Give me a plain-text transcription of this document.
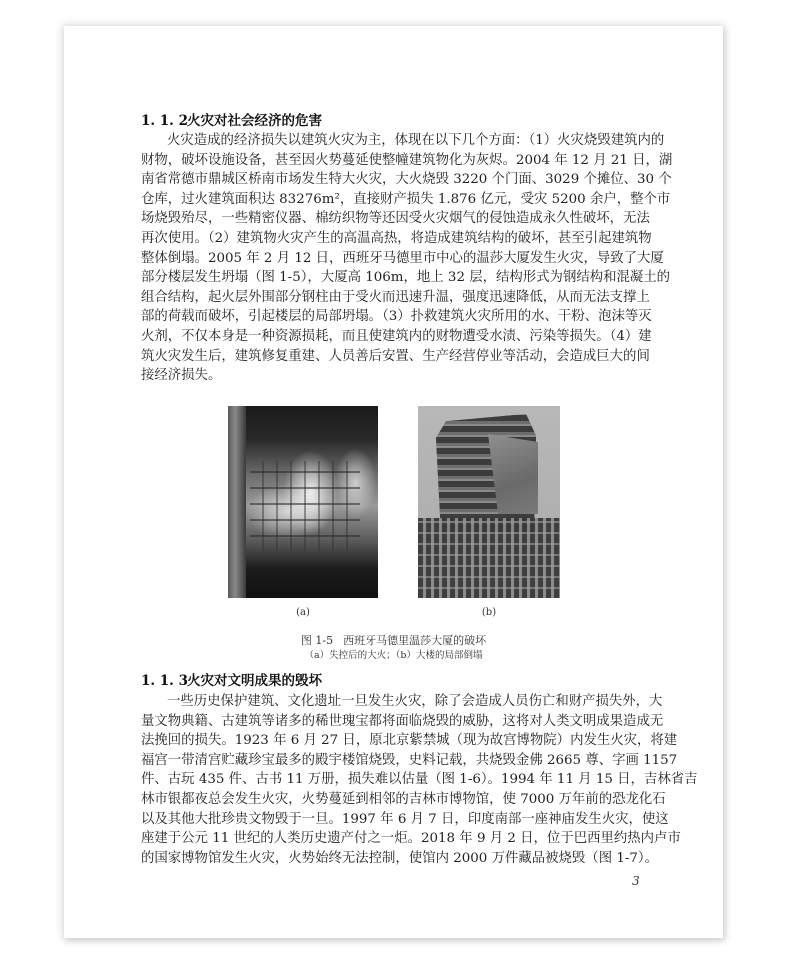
1. 1. 2火灾对社会经济的危害
火灾造成的经济损失以建筑火灾为主，体现在以下几个方面：（1）火灾烧毁建筑内的
财物，破坏设施设备，甚至因火势蔓延使整幢建筑物化为灰烬。2004 年 12 月 21 日，湖
南省常德市鼎城区桥南市场发生特大火灾，大火烧毁 3220 个门面、3029 个摊位、30 个
仓库，过火建筑面积达 83276m²，直接财产损失 1.876 亿元，受灾 5200 余户，整个市
场烧毁殆尽，一些精密仪器、棉纺织物等还因受火灾烟气的侵蚀造成永久性破坏，无法
再次使用。（2）建筑物火灾产生的高温高热，将造成建筑结构的破坏，甚至引起建筑物
整体倒塌。2005 年 2 月 12 日，西班牙马德里市中心的温莎大厦发生火灾，导致了大厦
部分楼层发生坍塌（图 1-5），大厦高 106m，地上 32 层，结构形式为钢结构和混凝土的
组合结构，起火层外围部分钢柱由于受火而迅速升温，强度迅速降低，从而无法支撑上
部的荷载而破坏，引起楼层的局部坍塌。（3）扑救建筑火灾所用的水、干粉、泡沫等灭
火剂，不仅本身是一种资源损耗，而且使建筑内的财物遭受水渍、污染等损失。（4）建
筑火灾发生后，建筑修复重建、人员善后安置、生产经营停业等活动，会造成巨大的间
接经济损失。
(a)	(b)
图 1-5 西班牙马德里温莎大厦的破坏
（a）失控后的大火；（b）大楼的局部倒塌
1. 1. 3火灾对文明成果的毁坏
一些历史保护建筑、文化遗址一旦发生火灾，除了会造成人员伤亡和财产损失外，大
量文物典籍、古建筑等诸多的稀世瑰宝都将面临烧毁的威胁，这将对人类文明成果造成无
法挽回的损失。1923 年 6 月 27 日，原北京紫禁城（现为故宫博物院）内发生火灾，将建
福宫一带清宫贮藏珍宝最多的殿宇楼馆烧毁，史料记载，共烧毁金佛 2665 尊、字画 1157
件、古玩 435 件、古书 11 万册，损失难以估量（图 1-6）。1994 年 11 月 15 日，吉林省吉
林市银都夜总会发生火灾，火势蔓延到相邻的吉林市博物馆，使 7000 万年前的恐龙化石
以及其他大批珍贵文物毁于一旦。1997 年 6 月 7 日，印度南部一座神庙发生火灾，使这
座建于公元 11 世纪的人类历史遗产付之一炬。2018 年 9 月 2 日，位于巴西里约热内卢市
的国家博物馆发生火灾，火势始终无法控制，使馆内 2000 万件藏品被烧毁（图 1-7）。
3
